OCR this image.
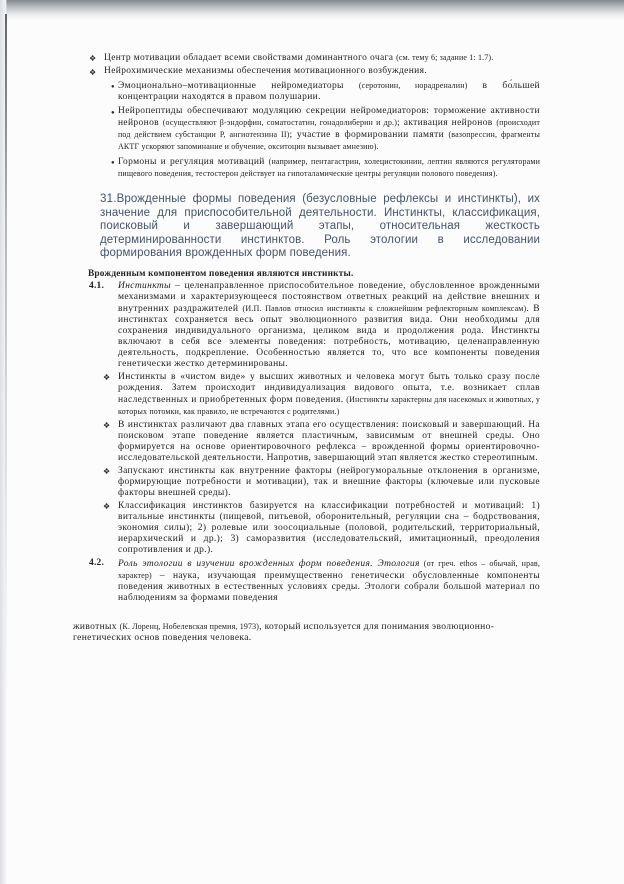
❖ Центр мотивации обладает всеми свойствами доминантного очага (см. тему 6; задание 1: 1.7).
❖ Нейрохимические механизмы обеспечения мотивационного возбуждения.
● Эмоционально–мотивационные нейромедиаторы (серотонин, норадреналин) в бо́льшей концентрации находятся в правом полушарии.
● Нейропептиды обеспечивают модуляцию секреции нейромедиаторов: торможение активности нейронов (осуществляют β-эндорфин, соматостатин, гонадолиберин и др.); активация нейронов (происходит под действием субстанции Р, ангиотензина II); участие в формировании памяти (вазопрессин, фрагменты АКТГ ускоряют запоминание и обучение, окситоцин вызывает амнезию).
● Гормоны и регуляция мотиваций (например, пентагастрин, холецистокинин, лептин являются регуляторами пищевого поведения, тестостерон действует на гипоталамические центры регуляции полового поведения).
31.Врожденные формы поведения (безусловные рефлексы и инстинкты), их значение для приспособительной деятельности. Инстинкты, классификация, поисковый и завершающий этапы, относительная жесткость детерминированности инстинктов. Роль этологии в исследовании формирования врожденных форм поведения.
Врожденным компонентом поведения являются инстинкты.
4.1. Инстинкты – целенаправленное приспособительное поведение, обусловленное врожденными механизмами и характеризующееся постоянством ответных реакций на действие внешних и внутренних раздражителей (И.П. Павлов относил инстинкты к сложнейшим рефлекторным комплексам). В инстинктах сохраняется весь опыт эволюционного развития вида. Они необходимы для сохранения индивидуального организма, целиком вида и продолжения рода. Инстинкты включают в себя все элементы поведения: потребность, мотивацию, целенаправленную деятельность, подкрепление. Особенностью является то, что все компоненты поведения генетически жестко детерминированы.
❖ Инстинкты в «чистом виде» у высших животных и человека могут быть только сразу после рождения. Затем происходит индивидуализация видового опыта, т.е. возникает сплав наследственных и приобретенных форм поведения. (Инстинкты характерны для насекомых и животных, у которых потомки, как правило, не встречаются с родителями.)
❖ В инстинктах различают два главных этапа его осуществления: поисковый и завершающий. На поисковом этапе поведение является пластичным, зависимым от внешней среды. Оно формируется на основе ориентировочного рефлекса – врожденной формы ориентировочно-исследовательской деятельности. Напротив, завершающий этап является жестко стереотипным.
❖ Запускают инстинкты как внутренние факторы (нейрогуморальные отклонения в организме, формирующие потребности и мотивации), так и внешние факторы (ключевые или пусковые факторы внешней среды).
❖ Классификация инстинктов базируется на классификации потребностей и мотиваций: 1) витальные инстинкты (пищевой, питьевой, оборонительный, регуляции сна – бодрствования, экономия силы); 2) ролевые или зоосоциальные (половой, родительский, территориальный, иерархический и др.); 3) саморазвития (исследовательский, имитационный, преодоления сопротивления и др.).
4.2. Роль этологии в изучении врожденных форм поведения. Этология (от греч. ethos – обычай, нрав, характер) – наука, изучающая преимущественно генетически обусловленные компоненты поведения животных в естественных условиях среды. Этологи собрали большой материал по наблюдениям за формами поведения
животных (К. Лоренц, Нобелевская премия, 1973), который используется для понимания эволюционно-генетических основ поведения человека.
